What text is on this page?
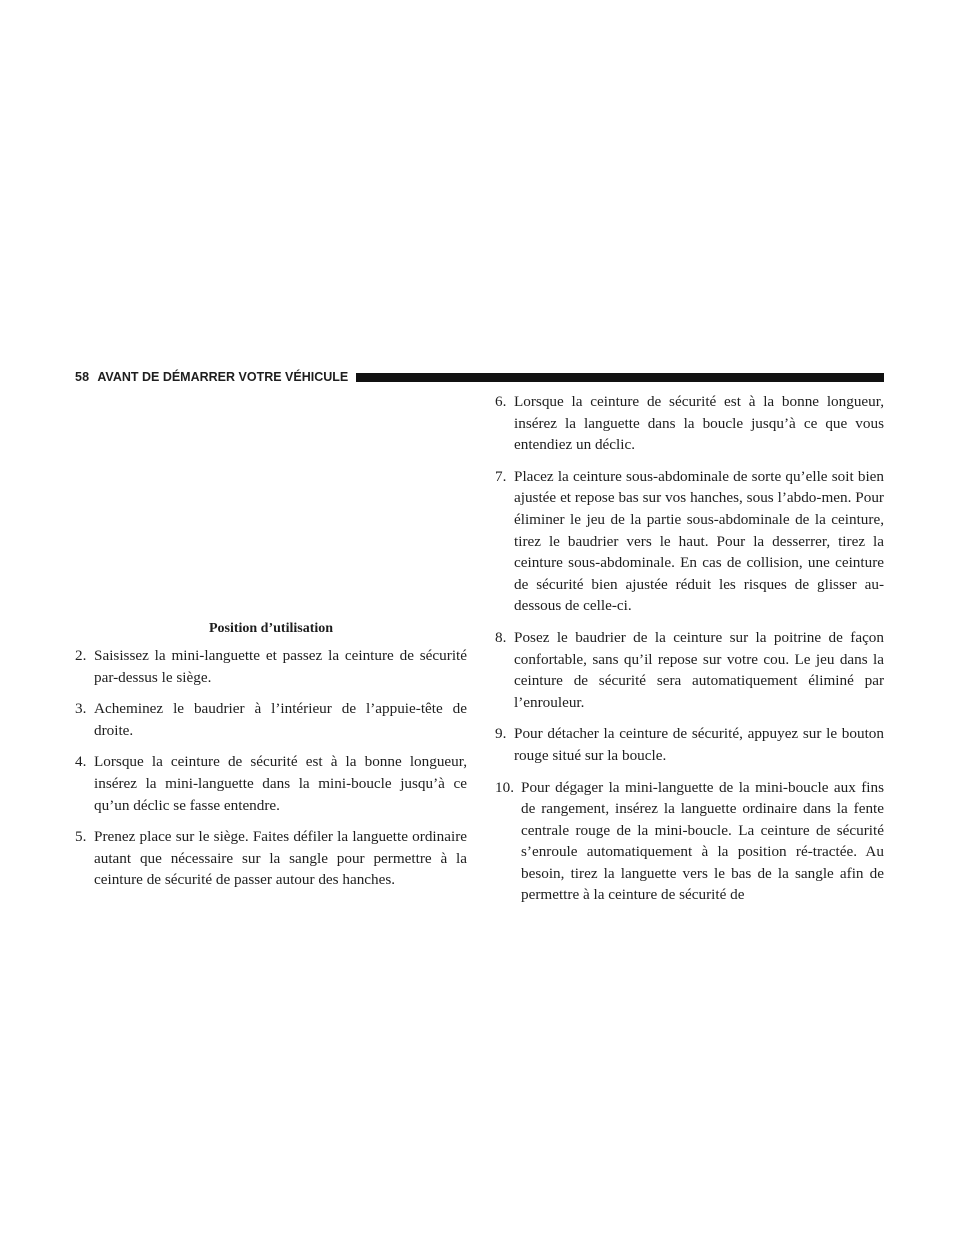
58 AVANT DE DÉMARRER VOTRE VÉHICULE
Position d’utilisation
2. Saisissez la mini-languette et passez la ceinture de sécurité par-dessus le siège.
3. Acheminez le baudrier à l’intérieur de l’appuie-tête de droite.
4. Lorsque la ceinture de sécurité est à la bonne longueur, insérez la mini-languette dans la mini-boucle jusqu’à ce qu’un déclic se fasse entendre.
5. Prenez place sur le siège. Faites défiler la languette ordinaire autant que nécessaire sur la sangle pour permettre à la ceinture de sécurité de passer autour des hanches.
6. Lorsque la ceinture de sécurité est à la bonne longueur, insérez la languette dans la boucle jusqu’à ce que vous entendiez un déclic.
7. Placez la ceinture sous-abdominale de sorte qu’elle soit bien ajustée et repose bas sur vos hanches, sous l’abdo-men. Pour éliminer le jeu de la partie sous-abdominale de la ceinture, tirez le baudrier vers le haut. Pour la desserrer, tirez la ceinture sous-abdominale. En cas de collision, une ceinture de sécurité bien ajustée réduit les risques de glisser au-dessous de celle-ci.
8. Posez le baudrier de la ceinture sur la poitrine de façon confortable, sans qu’il repose sur votre cou. Le jeu dans la ceinture de sécurité sera automatiquement éliminé par l’enrouleur.
9. Pour détacher la ceinture de sécurité, appuyez sur le bouton rouge situé sur la boucle.
10. Pour dégager la mini-languette de la mini-boucle aux fins de rangement, insérez la languette ordinaire dans la fente centrale rouge de la mini-boucle. La ceinture de sécurité s’enroule automatiquement à la position ré-tractée. Au besoin, tirez la languette vers le bas de la sangle afin de permettre à la ceinture de sécurité de
